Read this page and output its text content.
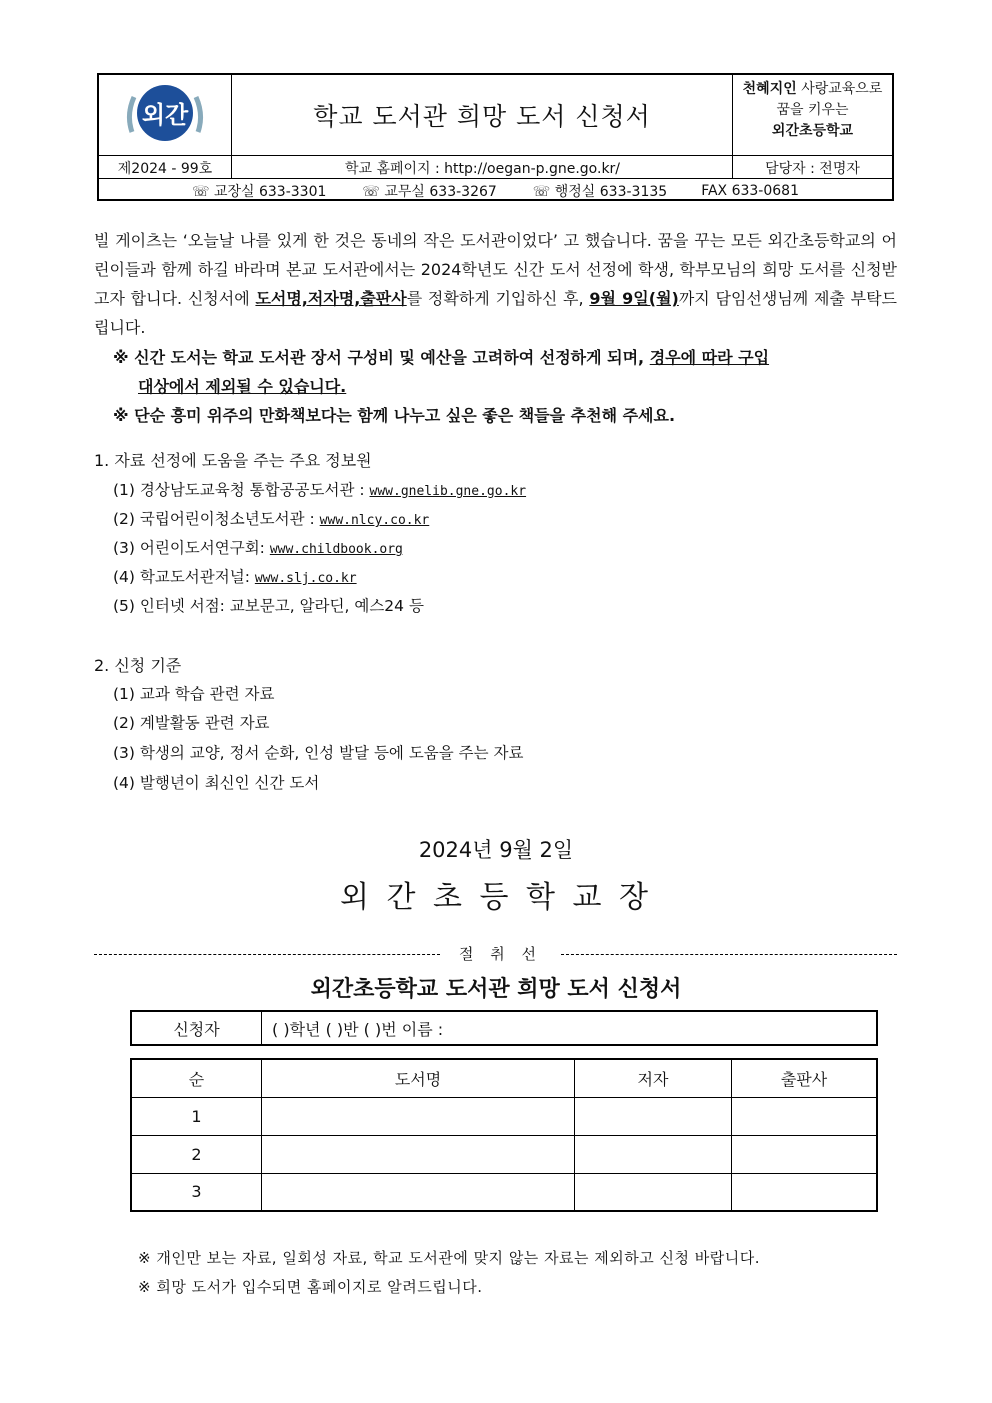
외간	학교 도서관 희망 도서 신청서
천혜지인 사랑교육으로
꿈을 키우는
외간초등학교
제2024 - 99호	학교 홈페이지 : http://oegan-p.gne.go.kr/	담당자 : 전명자
☏ 교장실 633-3301	☏ 교무실 633-3267	☏ 행정실 633-3135 FAX 633-0681
빌 게이츠는 ‘오늘날 나를 있게 한 것은 동네의 작은 도서관이었다’ 고 했습니다. 꿈을 꾸는 모든 외간초등학교의 어린이들과 함께 하길 바라며 본교 도서관에서는 2024학년도 신간 도서 선정에 학생, 학부모님의 희망 도서를 신청받고자 합니다. 신청서에 도서명,저자명,출판사를 정확하게 기입하신 후, 9월 9일(월)까지 담임선생님께 제출 부탁드립니다.
※ 신간 도서는 학교 도서관 장서 구성비 및 예산을 고려하여 선정하게 되며, 경우에 따라 구입
대상에서 제외될 수 있습니다.
※ 단순 흥미 위주의 만화책보다는 함께 나누고 싶은 좋은 책들을 추천해 주세요.
1. 자료 선정에 도움을 주는 주요 정보원
(1) 경상남도교육청 통합공공도서관 : www.gnelib.gne.go.kr
(2) 국립어린이청소년도서관 : www.nlcy.co.kr
(3) 어린이도서연구회: www.childbook.org
(4) 학교도서관저널: www.slj.co.kr
(5) 인터넷 서점: 교보문고, 알라딘, 예스24 등
2. 신청 기준
(1) 교과 학습 관련 자료
(2) 계발활동 관련 자료
(3) 학생의 교양, 정서 순화, 인성 발달 등에 도움을 주는 자료
(4) 발행년이 최신인 신간 도서
2024년 9월 2일
외 간 초 등 학 교 장
절 취 선
외간초등학교 도서관 희망 도서 신청서
신청자	( )학년 ( )반 ( )번 이름 :
순	도서명	저자	출판사
1			
2			
3			
※ 개인만 보는 자료, 일회성 자료, 학교 도서관에 맞지 않는 자료는 제외하고 신청 바랍니다.
※ 희망 도서가 입수되면 홈페이지로 알려드립니다.
